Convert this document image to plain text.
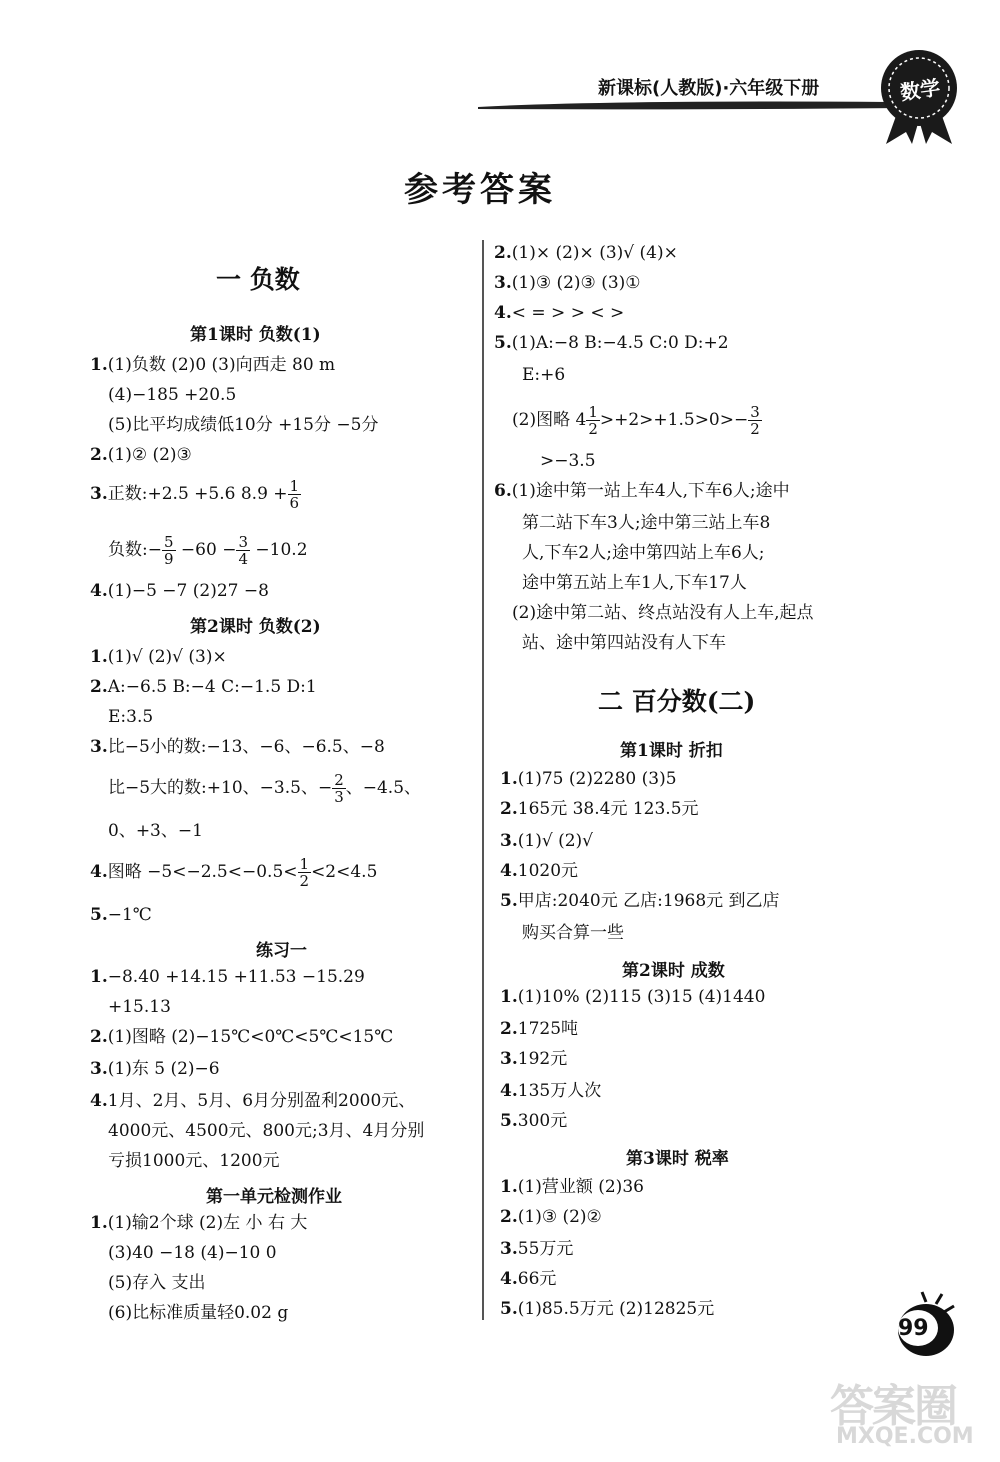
新课标(人教版)·六年级下册	数学
参考答案
一 负数
第1课时 负数(1)
1.(1)负数 (2)0 (3)向西走 80 m
(4)−185 +20.5
(5)比平均成绩低10分 +15分 −5分
2.(1)② (2)③
3.正数:+2.5 +5.6 $8.9 + \frac{1}{6}$
负数:− $\frac{5}{9} -60 - \frac{3}{4} -10.2$
4.(1)−5 −7 (2)27 −8
第2课时 负数(2)
1.(1)√ (2)√ (3)×
2.A:−6.5 B:−4 C:−1.5 D:1
E:3.5
3.比−5小的数:−13、−6、−6.5、−8
比−5大的数:+10、−3.5、− $\frac{2}{3}$ 、−4.5、
0、+3、−1
4.图略 $-5<-2.5<-0.5< \frac{1}{2} <2<4.5$
5.−1℃
练习一
1.−8.40 +14.15 +11.53 −15.29
+15.13
2.(1)图略 (2)−15℃<0℃<5℃<15℃
3.(1)东 5 (2)−6
4.1月、2月、5月、6月分别盈利2000元、
4000元、4500元、800元;3月、4月分别
亏损1000元、1200元
第一单元检测作业
1.(1)输2个球 (2)左 小 右 大
(3)40 −18 (4)−10 0
(5)存入 支出
(6)比标准质量轻0.02 g
2.(1)× (2)× (3)√ (4)×
3.(1)③ (2)③ (3)①
4.< = > > < >
5.(1)A:−8 B:−4.5 C:0 D:+2
E:+6
(2)图略 $4 \frac{1}{2} >+2>+1.5>0>- \frac{3}{2}$
>−3.5
6.(1)途中第一站上车4人,下车6人;途中
第二站下车3人;途中第三站上车8
人,下车2人;途中第四站上车6人;
途中第五站上车1人,下车17人
(2)途中第二站、终点站没有人上车,起点
站、途中第四站没有人下车
二 百分数(二)
第1课时 折扣
1.(1)75 (2)2280 (3)5
2.165元 38.4元 123.5元
3.(1)√ (2)√
4.1020元
5.甲店:2040元 乙店:1968元 到乙店
购买合算一些
第2课时 成数
1.(1)10% (2)115 (3)15 (4)1440
2.1725吨
3.192元
4.135万人次
5.300元
第3课时 税率
1.(1)营业额 (2)36
2.(1)③ (2)②
3.55万元
4.66元
5.(1)85.5万元 (2)12825元
99
答案圈
MXQE.COM
